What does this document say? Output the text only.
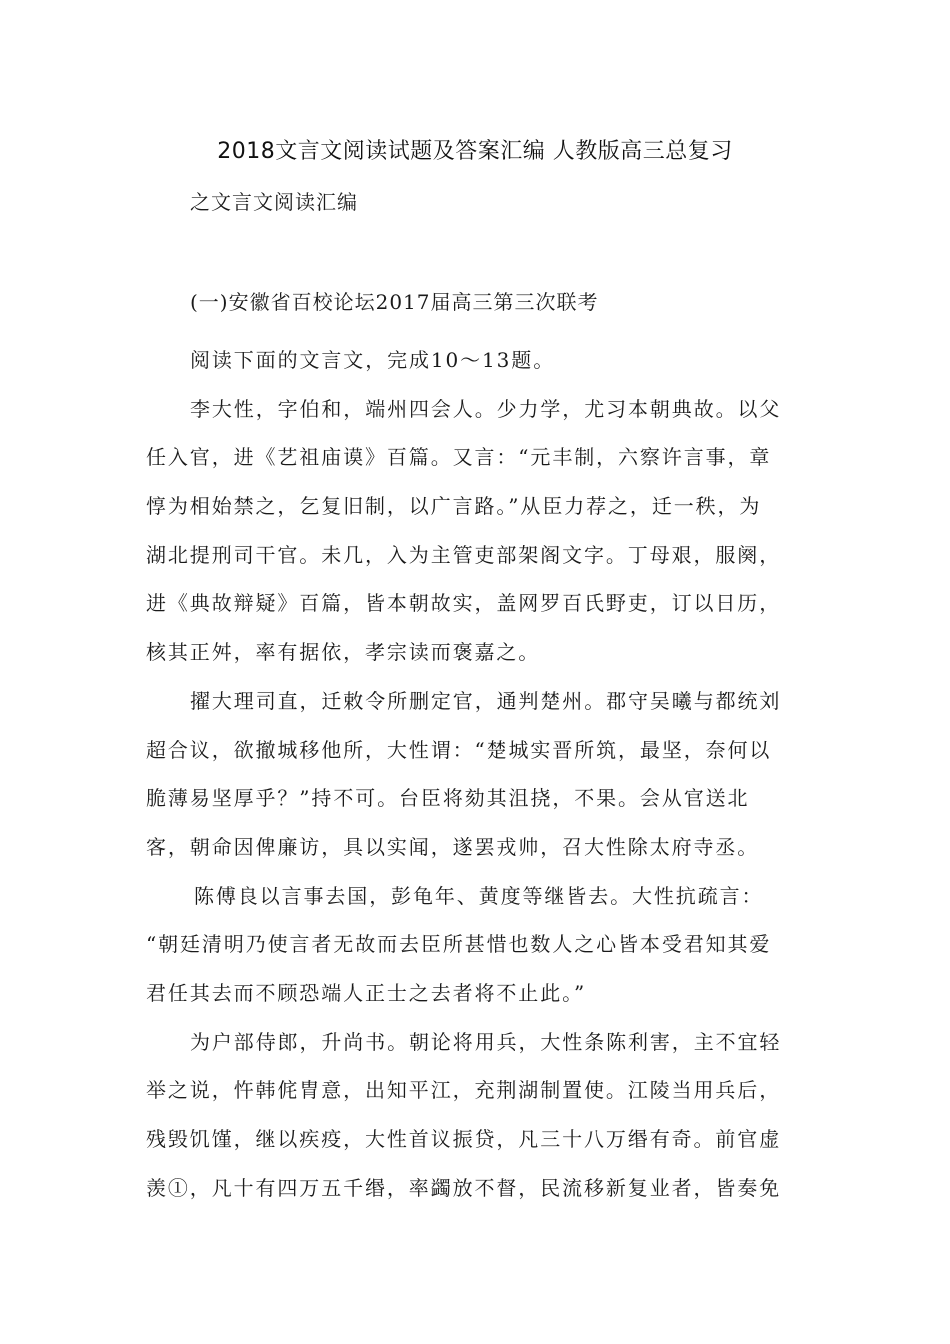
2018文言文阅读试题及答案汇编 人教版高三总复习
之文言文阅读汇编
(一)安徽省百校论坛2017届高三第三次联考
阅读下面的文言文，完成10～13题。
李大性，字伯和，端州四会人。少力学，尤习本朝典故。以父
任入官，进《艺祖庙谟》百篇。又言：“元丰制，六察许言事，章
惇为相始禁之，乞复旧制，以广言路。”从臣力荐之，迁一秩，为
湖北提刑司干官。未几，入为主管吏部架阁文字。丁母艰，服阕，
进《典故辩疑》百篇，皆本朝故实，盖网罗百氏野吏，订以日历，
核其正舛，率有据依，孝宗读而褒嘉之。
擢大理司直，迁敕令所删定官，通判楚州。郡守吴曦与都统刘
超合议，欲撤城移他所，大性谓：“楚城实晋所筑，最坚，奈何以
脆薄易坚厚乎？”持不可。台臣将劾其沮挠，不果。会从官送北
客，朝命因俾廉访，具以实闻，遂罢戎帅，召大性除太府寺丞。
陈傅良以言事去国，彭龟年、黄度等继皆去。大性抗疏言：
“朝廷清明乃使言者无故而去臣所甚惜也数人之心皆本受君知其爱
君任其去而不顾恐端人正士之去者将不止此。”
为户部侍郎，升尚书。朝论将用兵，大性条陈利害，主不宜轻
举之说，忤韩侂胄意，出知平江，充荆湖制置使。江陵当用兵后，
残毁饥馑，继以疾疫，大性首议振贷，凡三十八万缗有奇。前官虚
羡①，凡十有四万五千缗，率蠲放不督，民流移新复业者，皆奏免
